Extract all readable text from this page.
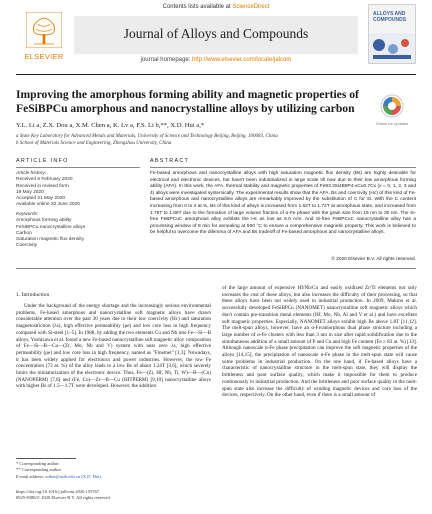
Contents lists available at ScienceDirect
ELSEVIER
Journal of Alloys and Compounds
journal homepage: http://www.elsevier.com/locate/jalcom
ALLOYS AND COMPOUNDS
Improving the amorphous forming ability and magnetic properties of FeSiBPCu amorphous and nanocrystalline alloys by utilizing carbon
Check for updates
Y.L. Li a, Z.X. Dou a, X.M. Chen a, K. Lv a, F.S. Li b,**, X.D. Hui a,*
a State Key Laboratory for Advanced Metals and Materials, University of Science and Technology Beijing, Beijing, 100083, China
b School of Materials Science and Engineering, Zhengzhou University, China
ARTICLE INFO	ABSTRACT
Article history:
Received 5 February 2020
Received in revised form
19 May 2020
Accepted 21 May 2020
Available online 20 June 2020
Keywords:
Amorphous forming ability
FeSiBPCu nanocrystalline alloys
Carbon
Saturation magnetic flux density
Coercivity
Fe-based amorphous and nanocrystalline alloys with high saturation magnetic flux density (Bs) are highly desirable for electrical and electronic devices, but have't been industrialized in large scale till now due to their low amorphous forming ability (AFA). In this work, the AFA, thermal stability and magnetic properties of Fe83.3Si4B8P4-xCu0.7Cx (x = 0, 1, 2, 3 and 4) alloys were investigated systemically. The experimental results show that the AFA, Bs and coercivity (Hc) of this kind of Fe-based amorphous and nanocrystalline alloys are remarkably improved by the substitution of C for Si. With the C content increasing from 0 to 4 at.%, Bs of this kind of alloys is increased from 1.62T to 1.72T at amorphous state, and increased from 1.78T to 1.86T due to the formation of large volume fraction of α-Fe phase with the grain size from 15 nm to 30 nm. The Si-free FeBPCuC amorphous alloy exhibits the Hc as low as 6.0 A/m. And Si-free FeBPCuC nanocrystalline alloy has a processing window of 9 min for annealing at 500 °C to ensure a comprehensive magnetic property. This work is believed to be helpful to overcome the dilemma of AFA and Bs tradeoff of Fe-based amorphous and nanocrystalline alloys.
© 2020 Elsevier B.V. All rights reserved.
1. Introduction

Under the background of the energy shortage and the increasingly serious environmental problems, Fe-based amorphous and nanocrystalline soft magnetic alloys have drawn considerable attention over the past 30 years due to their low coercivity (Hc) and saturation magnetostriction (λs), high effective permeability (μe) and low core loss in high frequency compared with Si-steel [1–5]. In 1988, by adding the two elements Cu and Nb into Fe—Si—B alloys, Yoshizawa et al. found a new Fe-based nanocrystalline soft magnetic alloy composition of Fe—Si—B—Cu—(Zr, Mo, Nb and V) system with near zero λs, high effective permeability (μe) and low core loss in high frequency, named as "Finemet" [1,3]. Nowadays, it has been widely applied for electronics and power industries. However, the low Fe concentration (73 at. %) of the alloy leads to a low Bs of about 1.24T [3,6], which severely limits the miniaturization of the electronic device. Thus, Fe—(Zr, Hf, Nb, Ti, W)—B—(Cu) (NANOPERM) [7,8] and (Fe, Co)—Zr—B—Cu (HITPERM) [9,10] nanocrystalline alloys with higher Bs of 1.5—1.7T were developed. However, the addition

of the large amount of expensive Hf/Nb/Co and easily oxidized Zr/Ti elements not only increases the cost of these alloys, but also increases the difficulty of their processing, so that these alloys have been not widely used in industrial production. In 2009, Makino et al. successfully developed FeSiBPCu (NANOMET) nanocrystalline soft magnetic alloys which don't contain pre-transition metal elements (Hf, Mo, Nb, Al and V et al.) and have excellent soft magnetic properties. Especially, NANOMET alloys exhibit high Bs above 1.8T [11,12]. The melt-spun alloys, however, have an α-Fe/amorphous dual phase structure including a large number of α-Fe clusters with less than 3 nm in size after rapid solidification due to the simultaneous addition of a small amount of P and Cu and high Fe content (Fe ≥ 83 at. %) [13]. Although nanoscale α-Fe phase precipitation can improve the soft magnetic properties of the alloys [14,15], the precipitation of nanoscale α-Fe phase in the melt-spun state will cause some problems in industrial production. On the one hand, if Fe-based alloys have a characteristic of nanocrystalline structure in the melt-spun state, they will display the brittleness and poor surface quality, which make it impossible for them to produce continuously in industrial production. And the brittleness and poor surface quality in the melt-spun state also increase the difficulty of winding magnetic devices and core loss of the devices, respectively. On the other hand, even if there is a small amount of

* Corresponding author.
** Corresponding author.
E-mail address: xdhui@ustb.edu.cn (X.D. Hui).
https://doi.org/10.1016/j.jallcom.2020.155767
0925-8388/© 2020 Elsevier B.V. All rights reserved.
